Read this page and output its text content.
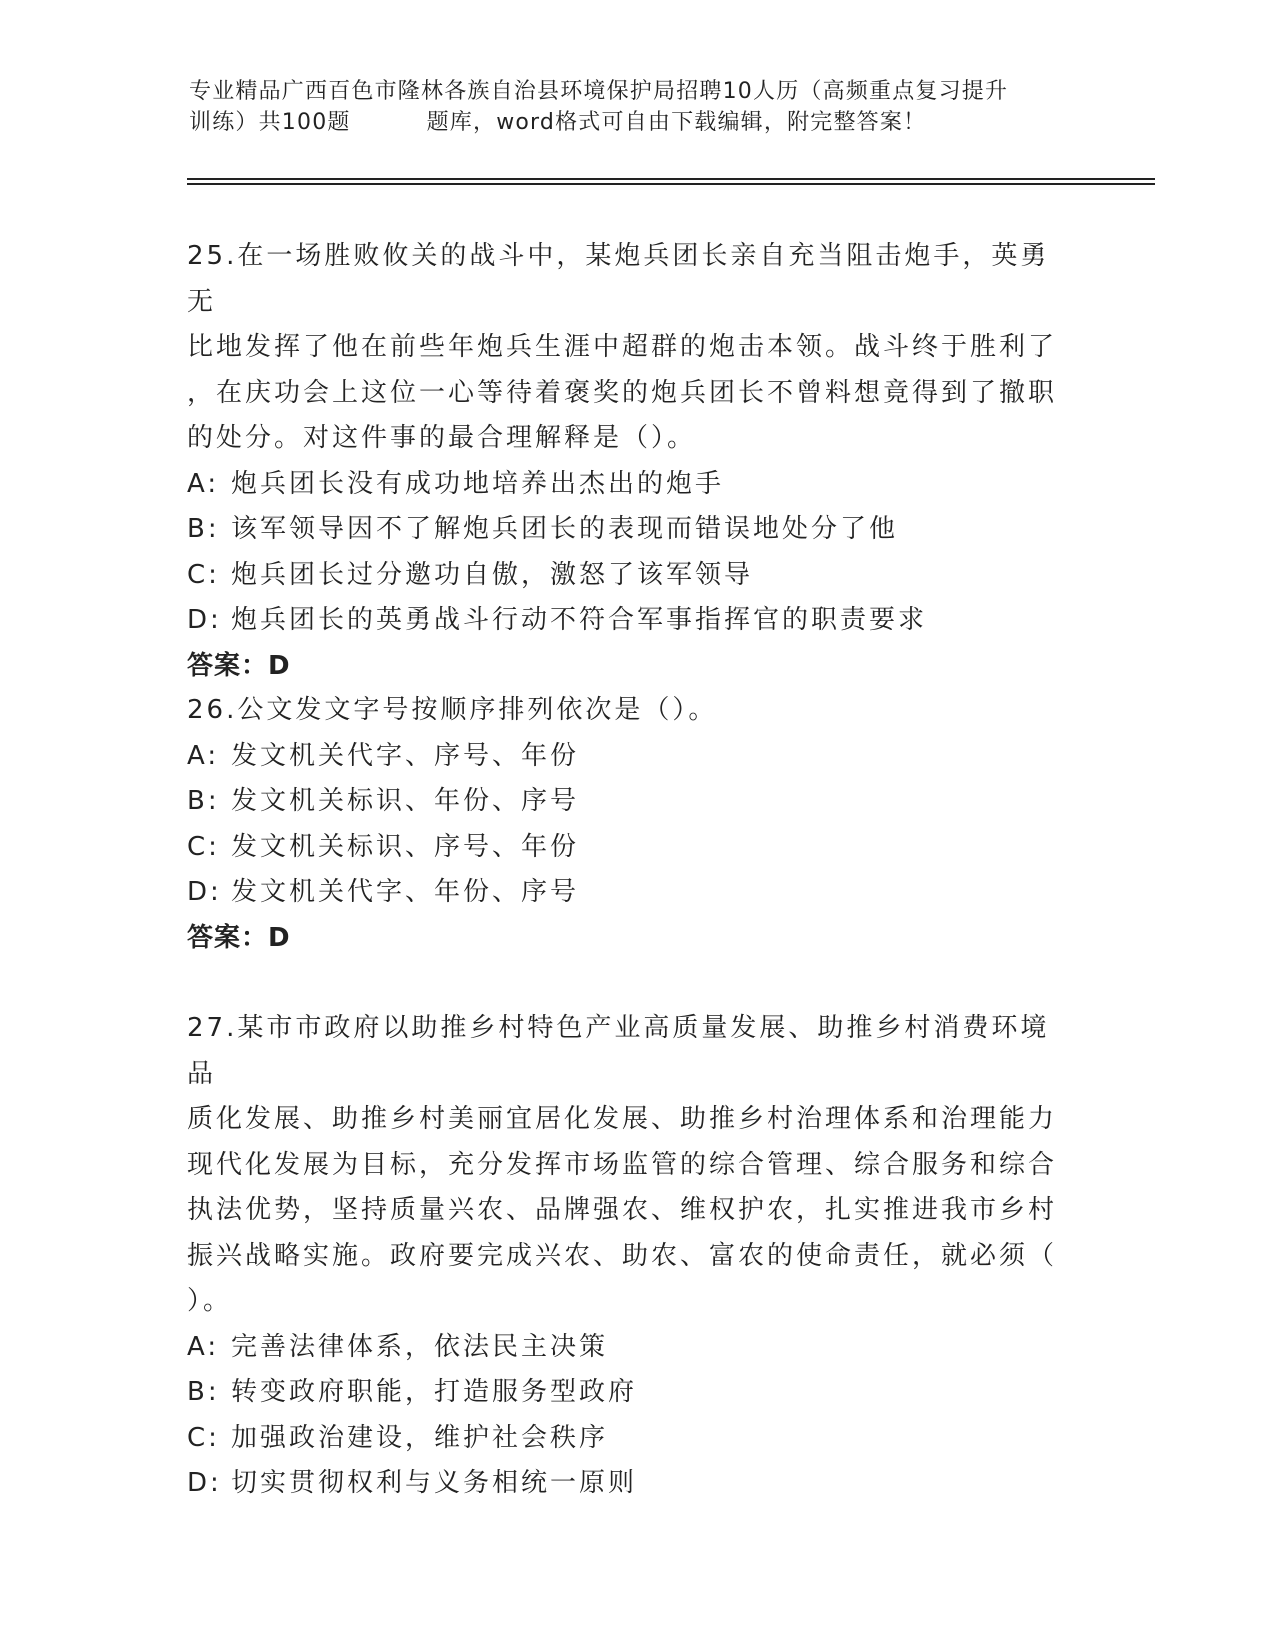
专业精品广西百色市隆林各族自治县环境保护局招聘10人历（高频重点复习提升
训练）共100题	题库，word格式可自由下载编辑，附完整答案！

25.在一场胜败攸关的战斗中，某炮兵团长亲自充当阻击炮手，英勇无

比地发挥了他在前些年炮兵生涯中超群的炮击本领。战斗终于胜利了

，在庆功会上这位一心等待着褒奖的炮兵团长不曾料想竟得到了撤职

的处分。对这件事的最合理解释是（）。

A: 炮兵团长没有成功地培养出杰出的炮手

B: 该军领导因不了解炮兵团长的表现而错误地处分了他

C: 炮兵团长过分邀功自傲，激怒了该军领导

D: 炮兵团长的英勇战斗行动不符合军事指挥官的职责要求

答案：D

26.公文发文字号按顺序排列依次是（）。

A: 发文机关代字、序号、年份

B: 发文机关标识、年份、序号

C: 发文机关标识、序号、年份

D: 发文机关代字、年份、序号

答案：D

27.某市市政府以助推乡村特色产业高质量发展、助推乡村消费环境品

质化发展、助推乡村美丽宜居化发展、助推乡村治理体系和治理能力

现代化发展为目标，充分发挥市场监管的综合管理、综合服务和综合

执法优势，坚持质量兴农、品牌强农、维权护农，扎实推进我市乡村

振兴战略实施。政府要完成兴农、助农、富农的使命责任，就必须（

）。

A: 完善法律体系，依法民主决策

B: 转变政府职能，打造服务型政府

C: 加强政治建设，维护社会秩序

D: 切实贯彻权利与义务相统一原则
